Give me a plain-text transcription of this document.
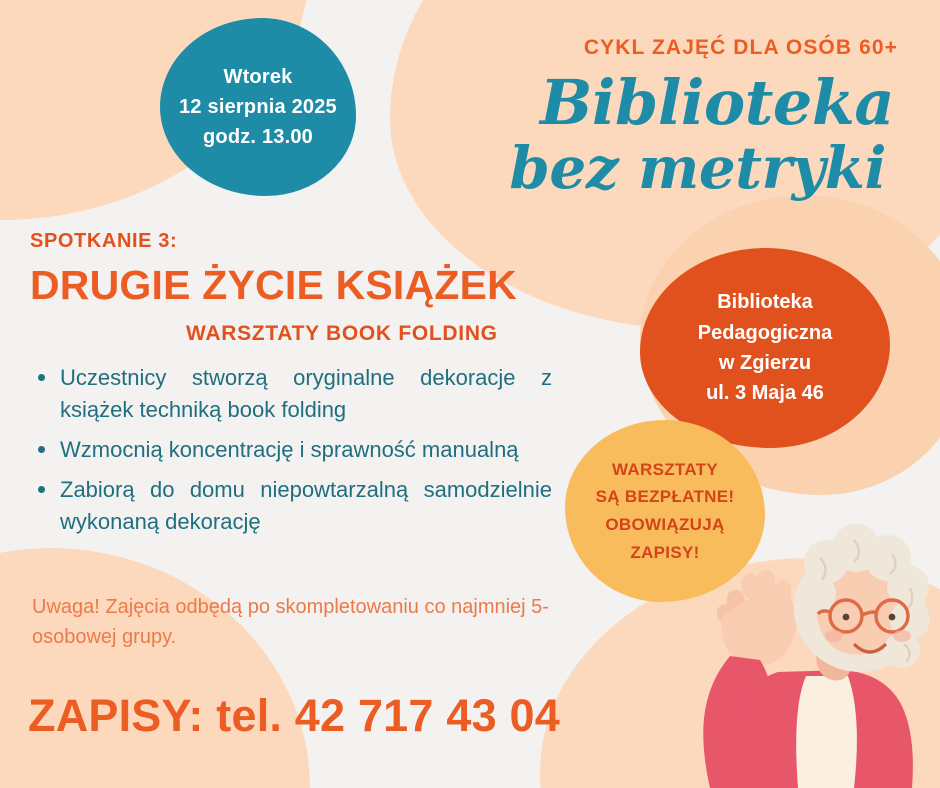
Wtorek
12 sierpnia 2025
godz. 13.00
CYKL ZAJĘĆ DLA OSÓB 60+
Biblioteka
bez metryki
Biblioteka
Pedagogiczna
w Zgierzu
ul. 3 Maja 46
WARSZTATY
SĄ BEZPŁATNE!
OBOWIĄZUJĄ
ZAPISY!
SPOTKANIE 3:
DRUGIE ŻYCIE KSIĄŻEK
WARSZTATY BOOK FOLDING
Uczestnicy stworzą oryginalne dekoracje z książek techniką book folding
Wzmocnią koncentrację i sprawność manualną
Zabiorą do domu niepowtarzalną samodzielnie wykonaną dekorację
Uwaga! Zajęcia odbędą po skompletowaniu co najmniej 5-osobowej grupy.
ZAPISY: tel. 42 717 43 04
